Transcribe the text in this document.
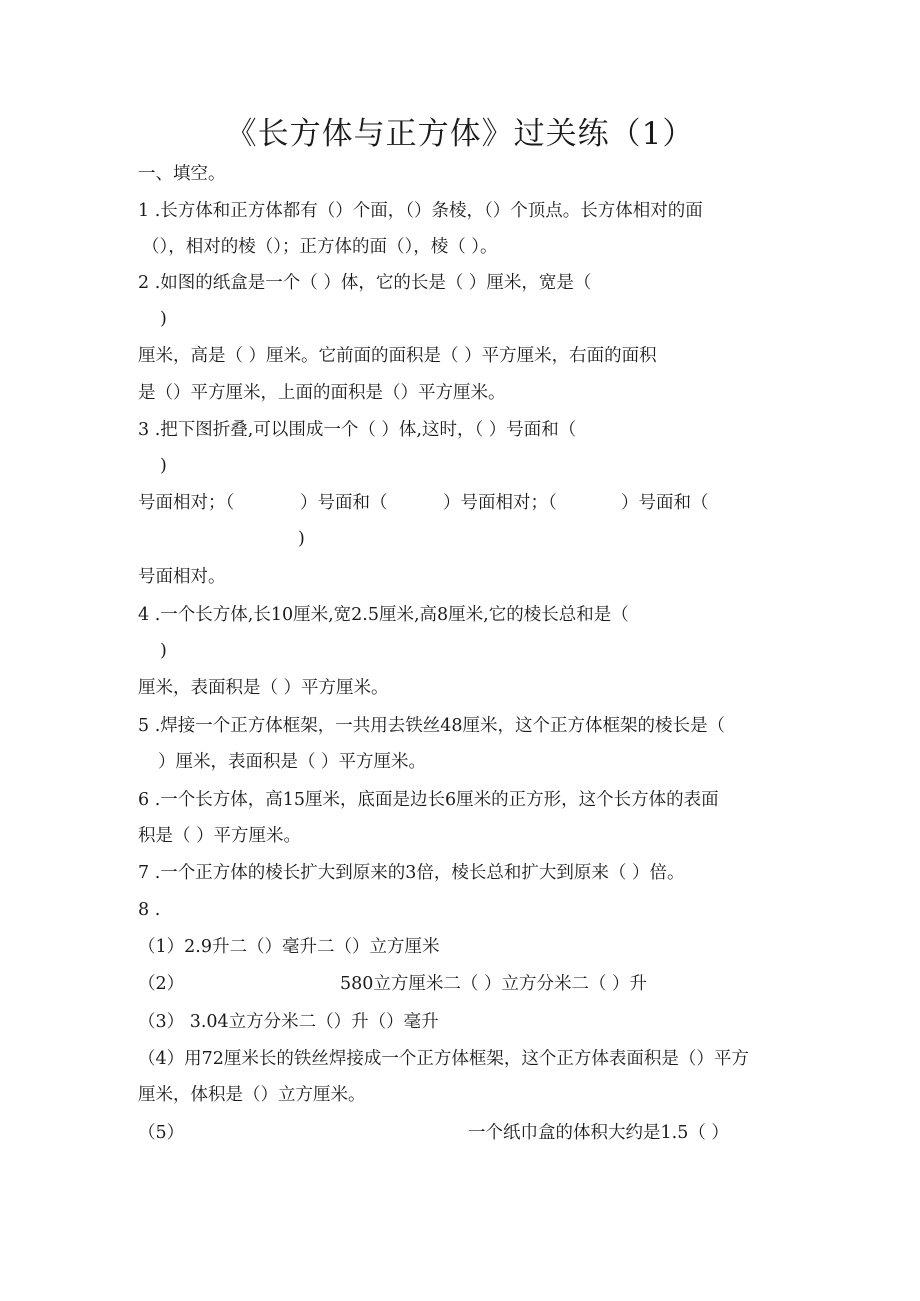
《长方体与正方体》过关练（1）
一、填空。
1 .长方体和正方体都有（）个面，（）条棱，（）个顶点。长方体相对的面
（），相对的棱（）；正方体的面（），棱（ ）。
2 .如图的纸盒是一个（ ）体，它的长是（ ）厘米，宽是（
)
厘米，高是（ ）厘米。它前面的面积是（ ）平方厘米，右面的面积
是（）平方厘米，上面的面积是（）平方厘米。
3 .把下图折叠,可以围成一个（ ）体,这时，（ ）号面和（
)
号面相对；（	）号面和（	）号面相对；（	）号面和（
)
号面相对。
4 .一个长方体,长10厘米,宽2.5厘米,高8厘米,它的棱长总和是（
)
厘米，表面积是（ ）平方厘米。
5 .焊接一个正方体框架，一共用去铁丝48厘米，这个正方体框架的棱长是（
）厘米，表面积是（ ）平方厘米。
6 .一个长方体，高15厘米，底面是边长6厘米的正方形，这个长方体的表面
积是（ ）平方厘米。
7 .一个正方体的棱长扩大到原来的3倍，棱长总和扩大到原来（ ）倍。
8 .
（1）2.9升二（）毫升二（）立方厘米
（2）	580立方厘米二（ ）立方分米二（ ）升
（3） 3.04立方分米二（）升（）毫升
（4）用72厘米长的铁丝焊接成一个正方体框架，这个正方体表面积是（）平方
厘米，体积是（）立方厘米。
（5）	一个纸巾盒的体积大约是1.5（ ）
